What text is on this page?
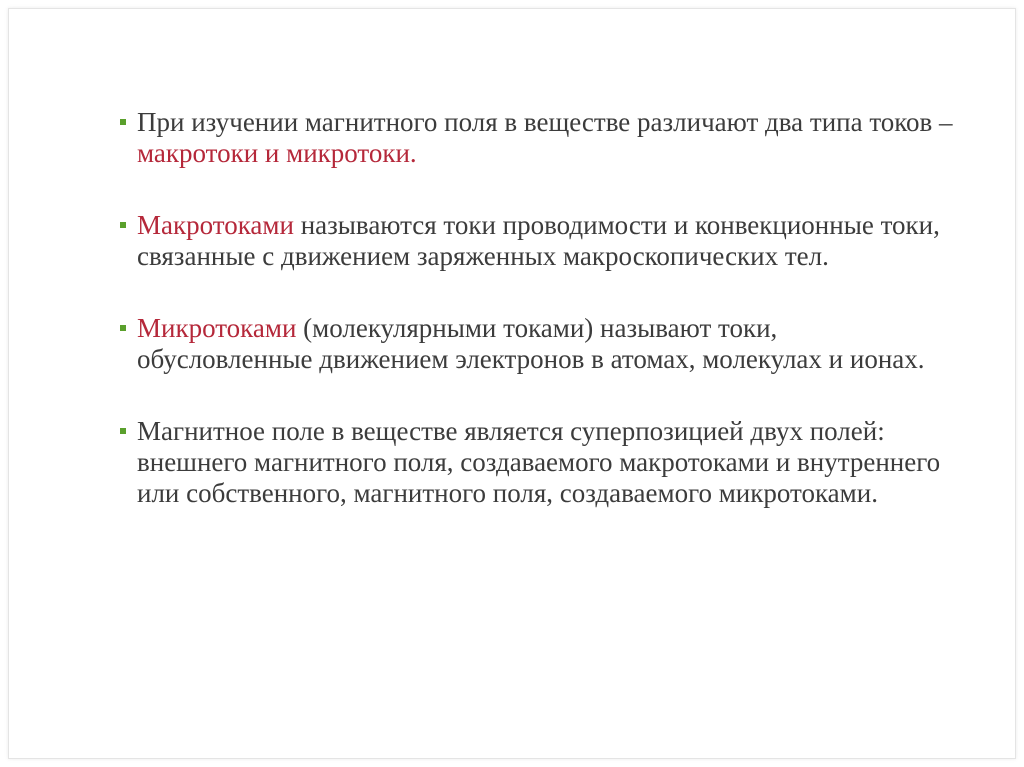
При изучении магнитного поля в веществе различают два типа токов – макротоки и микротоки.
Макротоками называются токи проводимости и конвекционные токи, связанные с движением заряженных макроскопических тел.
Микротоками (молекулярными токами) называют токи, обусловленные движением электронов в атомах, молекулах и ионах.
Магнитное поле в веществе является суперпозицией двух полей: внешнего магнитного поля, создаваемого макротоками и внутреннего или собственного, магнитного поля, создаваемого микротоками.
